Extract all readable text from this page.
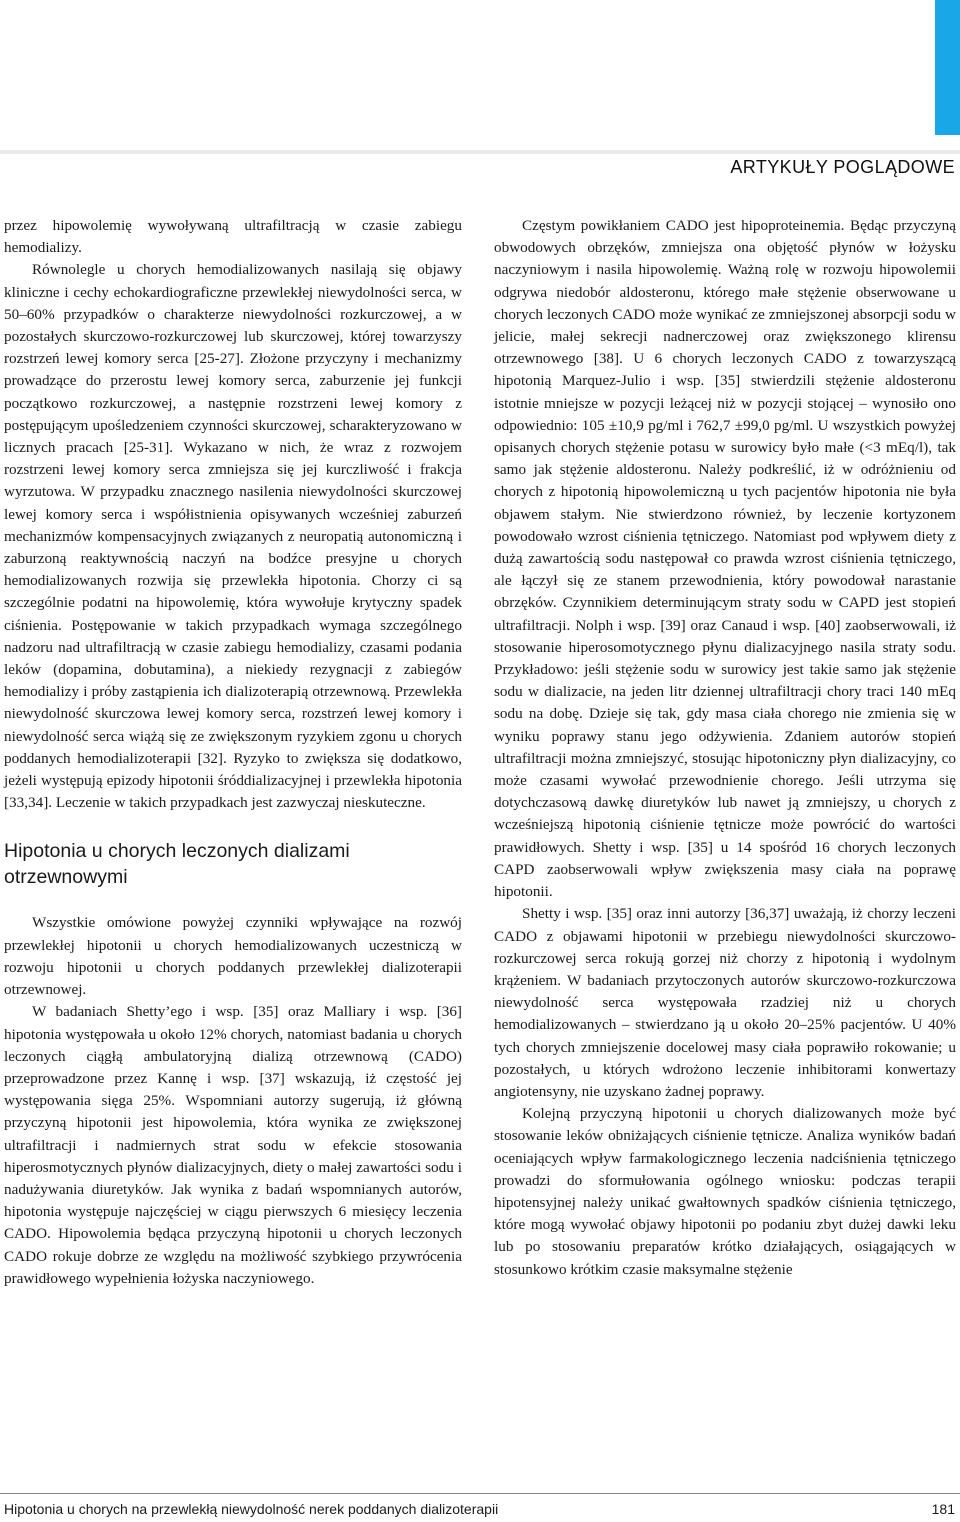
ARTYKUŁY POGLĄDOWE

przez hipowolemię wywoływaną ultrafiltracją w czasie zabiegu hemodializy.

Równolegle u chorych hemodializowanych nasilają się objawy kliniczne i cechy echokardiograficzne przewlekłej niewydolności serca, w 50–60% przypadków o charakterze niewydolności rozkurczowej, a w pozostałych skurczowo-rozkurczowej lub skurczowej, której towarzyszy rozstrzeń lewej komory serca [25-27]. Złożone przyczyny i mechanizmy prowadzące do przerostu lewej komory serca, zaburzenie jej funkcji początkowo rozkurczowej, a następnie rozstrzeni lewej komory z postępującym upośledzeniem czynności skurczowej, scharakteryzowano w licznych pracach [25-31]. Wykazano w nich, że wraz z rozwojem rozstrzeni lewej komory serca zmniejsza się jej kurczliwość i frakcja wyrzutowa. W przypadku znacznego nasilenia niewydolności skurczowej lewej komory serca i współistnienia opisywanych wcześniej zaburzeń mechanizmów kompensacyjnych związanych z neuropatią autonomiczną i zaburzoną reaktywnością naczyń na bodźce presyjne u chorych hemodializowanych rozwija się przewlekła hipotonia. Chorzy ci są szczególnie podatni na hipowolemię, która wywołuje krytyczny spadek ciśnienia. Postępowanie w takich przypadkach wymaga szczególnego nadzoru nad ultrafiltracją w czasie zabiegu hemodializy, czasami podania leków (dopamina, dobutamina), a niekiedy rezygnacji z zabiegów hemodializy i próby zastąpienia ich dializoterapią otrzewnową. Przewlekła niewydolność skurczowa lewej komory serca, rozstrzeń lewej komory i niewydolność serca wiążą się ze zwiększonym ryzykiem zgonu u chorych poddanych hemodializoterapii [32]. Ryzyko to zwiększa się dodatkowo, jeżeli występują epizody hipotonii śróddializacyjnej i przewlekła hipotonia [33,34]. Leczenie w takich przypadkach jest zazwyczaj nieskuteczne.

Hipotonia u chorych leczonych dializami otrzewnowymi

Wszystkie omówione powyżej czynniki wpływające na rozwój przewlekłej hipotonii u chorych hemodializowanych uczestniczą w rozwoju hipotonii u chorych poddanych przewlekłej dializoterapii otrzewnowej.

W badaniach Shetty’ego i wsp. [35] oraz Malliary i wsp. [36] hipotonia występowała u około 12% chorych, natomiast badania u chorych leczonych ciągłą ambulatoryjną dializą otrzewnową (CADO) przeprowadzone przez Kannę i wsp. [37] wskazują, iż częstość jej występowania sięga 25%. Wspomniani autorzy sugerują, iż główną przyczyną hipotonii jest hipowolemia, która wynika ze zwiększonej ultrafiltracji i nadmiernych strat sodu w efekcie stosowania hiperosmotycznych płynów dializacyjnych, diety o małej zawartości sodu i nadużywania diuretyków. Jak wynika z badań wspomnianych autorów, hipotonia występuje najczęściej w ciągu pierwszych 6 miesięcy leczenia CADO. Hipowolemia będąca przyczyną hipotonii u chorych leczonych CADO rokuje dobrze ze względu na możliwość szybkiego przywrócenia prawidłowego wypełnienia łożyska naczyniowego.

Częstym powikłaniem CADO jest hipoproteinemia. Będąc przyczyną obwodowych obrzęków, zmniejsza ona objętość płynów w łożysku naczyniowym i nasila hipowolemię. Ważną rolę w rozwoju hipowolemii odgrywa niedobór aldosteronu, którego małe stężenie obserwowane u chorych leczonych CADO może wynikać ze zmniejszonej absorpcji sodu w jelicie, małej sekrecji nadnerczowej oraz zwiększonego klirensu otrzewnowego [38]. U 6 chorych leczonych CADO z towarzyszącą hipotonią Marquez-Julio i wsp. [35] stwierdzili stężenie aldosteronu istotnie mniejsze w pozycji leżącej niż w pozycji stojącej – wynosiło ono odpowiednio: 105 ±10,9 pg/ml i 762,7 ±99,0 pg/ml. U wszystkich powyżej opisanych chorych stężenie potasu w surowicy było małe (<3 mEq/l), tak samo jak stężenie aldosteronu. Należy podkreślić, iż w odróżnieniu od chorych z hipotonią hipowolemiczną u tych pacjentów hipotonia nie była objawem stałym. Nie stwierdzono również, by leczenie kortyzonem powodowało wzrost ciśnienia tętniczego. Natomiast pod wpływem diety z dużą zawartością sodu następował co prawda wzrost ciśnienia tętniczego, ale łączył się ze stanem przewodnienia, który powodował narastanie obrzęków. Czynnikiem determinującym straty sodu w CAPD jest stopień ultrafiltracji. Nolph i wsp. [39] oraz Canaud i wsp. [40] zaobserwowali, iż stosowanie hiperosomotycznego płynu dializacyjnego nasila straty sodu. Przykładowo: jeśli stężenie sodu w surowicy jest takie samo jak stężenie sodu w dializacie, na jeden litr dziennej ultrafiltracji chory traci 140 mEq sodu na dobę. Dzieje się tak, gdy masa ciała chorego nie zmienia się w wyniku poprawy stanu jego odżywienia. Zdaniem autorów stopień ultrafiltracji można zmniejszyć, stosując hipotoniczny płyn dializacyjny, co może czasami wywołać przewodnienie chorego. Jeśli utrzyma się dotychczasową dawkę diuretyków lub nawet ją zmniejszy, u chorych z wcześniejszą hipotonią ciśnienie tętnicze może powrócić do wartości prawidłowych. Shetty i wsp. [35] u 14 spośród 16 chorych leczonych CAPD zaobserwowali wpływ zwiększenia masy ciała na poprawę hipotonii.

Shetty i wsp. [35] oraz inni autorzy [36,37] uważają, iż chorzy leczeni CADO z objawami hipotonii w przebiegu niewydolności skurczowo-rozkurczowej serca rokują gorzej niż chorzy z hipotonią i wydolnym krążeniem. W badaniach przytoczonych autorów skurczowo-rozkurczowa niewydolność serca występowała rzadziej niż u chorych hemodializowanych – stwierdzano ją u około 20–25% pacjentów. U 40% tych chorych zmniejszenie docelowej masy ciała poprawiło rokowanie; u pozostałych, u których wdrożono leczenie inhibitorami konwertazy angiotensyny, nie uzyskano żadnej poprawy.

Kolejną przyczyną hipotonii u chorych dializowanych może być stosowanie leków obniżających ciśnienie tętnicze. Analiza wyników badań oceniających wpływ farmakologicznego leczenia nadciśnienia tętniczego prowadzi do sformułowania ogólnego wniosku: podczas terapii hipotensyjnej należy unikać gwałtownych spadków ciśnienia tętniczego, które mogą wywołać objawy hipotonii po podaniu zbyt dużej dawki leku lub po stosowaniu preparatów krótko działających, osiągających w stosunkowo krótkim czasie maksymalne stężenie

Hipotonia u chorych na przewlekłą niewydolność nerek poddanych dializoterapii	181
